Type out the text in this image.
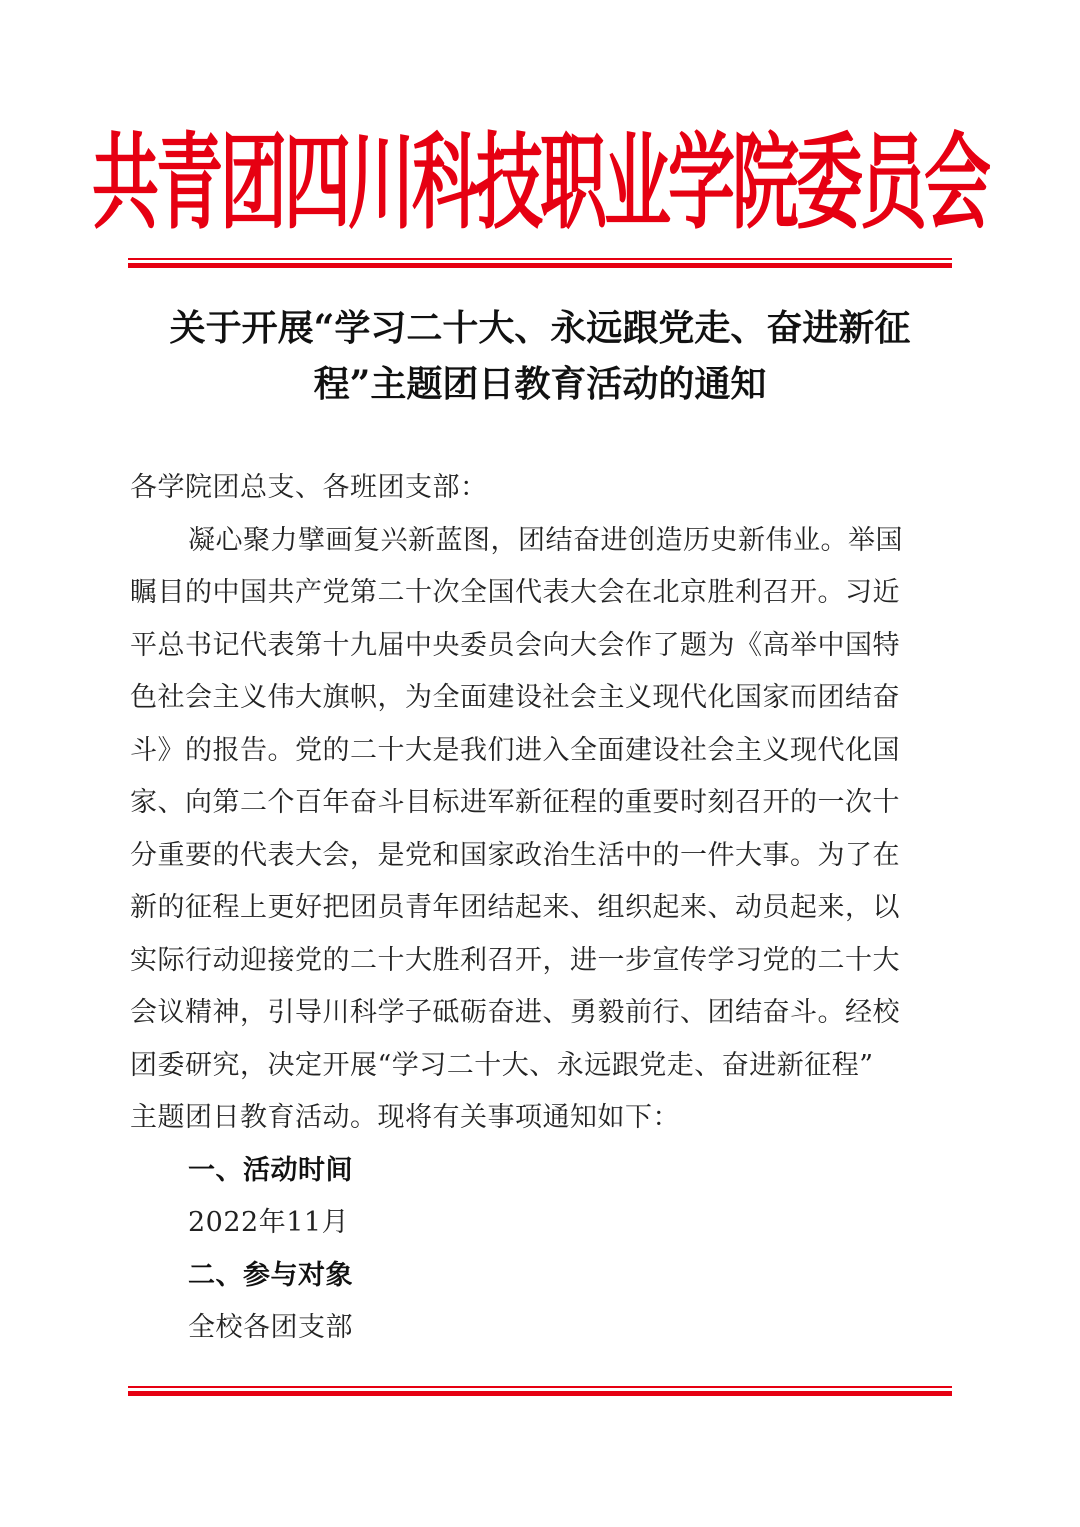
共青团四川科技职业学院委员会
关于开展“学习二十大、永远跟党走、奋进新征
程”主题团日教育活动的通知
各学院团总支、各班团支部：
凝心聚力擘画复兴新蓝图，团结奋进创造历史新伟业。举国
瞩目的中国共产党第二十次全国代表大会在北京胜利召开。习近
平总书记代表第十九届中央委员会向大会作了题为《高举中国特
色社会主义伟大旗帜，为全面建设社会主义现代化国家而团结奋
斗》的报告。党的二十大是我们进入全面建设社会主义现代化国
家、向第二个百年奋斗目标进军新征程的重要时刻召开的一次十
分重要的代表大会，是党和国家政治生活中的一件大事。为了在
新的征程上更好把团员青年团结起来、组织起来、动员起来，以
实际行动迎接党的二十大胜利召开，进一步宣传学习党的二十大
会议精神，引导川科学子砥砺奋进、勇毅前行、团结奋斗。经校
团委研究，决定开展“学习二十大、永远跟党走、奋进新征程”
主题团日教育活动。现将有关事项通知如下：
一、活动时间
2022年11月
二、参与对象
全校各团支部
